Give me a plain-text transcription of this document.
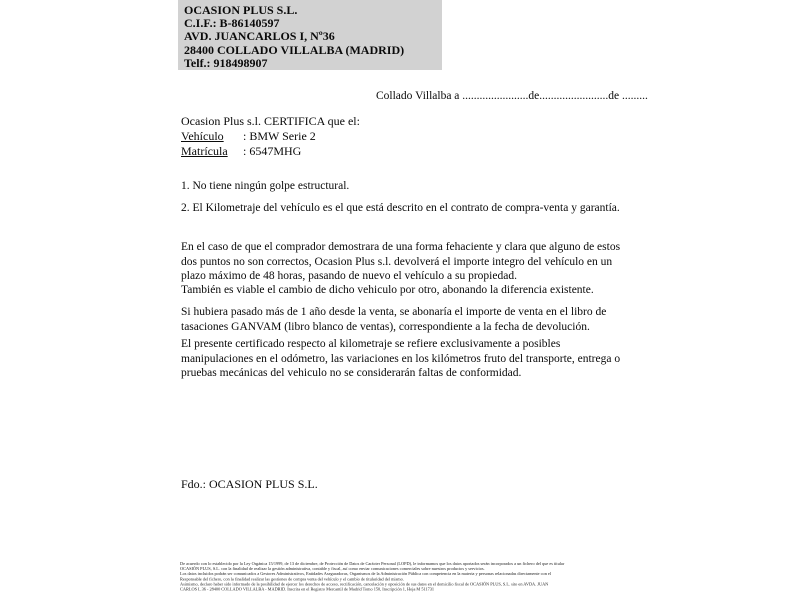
OCASION PLUS S.L.
C.I.F.: B-86140597
AVD. JUANCARLOS I, Nº36
28400 COLLADO VILLALBA (MADRID)
Telf.: 918498907
Collado Villalba a .......................de........................de .........
Ocasion Plus s.l. CERTIFICA que el:
Vehículo : BMW Serie 2
Matrícula : 6547MHG
1. No tiene ningún golpe estructural.
2. El Kilometraje del vehículo es el que está descrito en el contrato de compra-venta y garantía.
En el caso de que el comprador demostrara de una forma fehaciente y clara que alguno de estos dos puntos no son correctos, Ocasion Plus s.l. devolverá el importe integro del vehículo en un plazo máximo de 48 horas, pasando de nuevo el vehículo a su propiedad.
También es viable el cambio de dicho vehiculo por otro, abonando la diferencia existente.
Si hubiera pasado más de 1 año desde la venta, se abonaría el importe de venta en el libro de tasaciones GANVAM (libro blanco de ventas), correspondiente a la fecha de devolución.
El presente certificado respecto al kilometraje se refiere exclusivamente a posibles manipulaciones en el odómetro, las variaciones en los kilómetros fruto del transporte, entrega o pruebas mecánicas del vehiculo no se considerarán faltas de conformidad.
Fdo.: OCASION PLUS S.L.
De acuerdo con lo establecido por la Ley Orgánica 15/1999, de 13 de diciembre, de Protección de Datos de Carácter Personal (LOPD), le informamos que los datos aportados serán incorporados a un fichero del que es titular
OCASIÓN PLUS, S.L. con la finalidad de realizar la gestión administrativa, contable y fiscal, así como enviar comunicaciones comerciales sobre nuestros productos y servicios.
Los datos incluidos podrán ser comunicados a Gestores Administrativos, Entidades Aseguradoras, Organismos de la Administración Pública con competencia en la materia y personas relacionadas directamente con el
Responsable del fichero, con la finalidad realizar las gestiones de compra venta del vehículo y el cambio de titularidad del mismo.
Asimismo, declaro haber sido informado de la posibilidad de ejercer los derechos de acceso, rectificación, cancelación y oposición de sus datos en el domicilio fiscal de OCASIÓN PLUS, S.L. sito en AVDA. JUAN
CARLOS I, 36 - 28400 COLLADO VILLALBA - MADRID. Inscrita en el Registro Mercantil de Madrid Tomo 150, Inscripción 1, Hoja M 511731
